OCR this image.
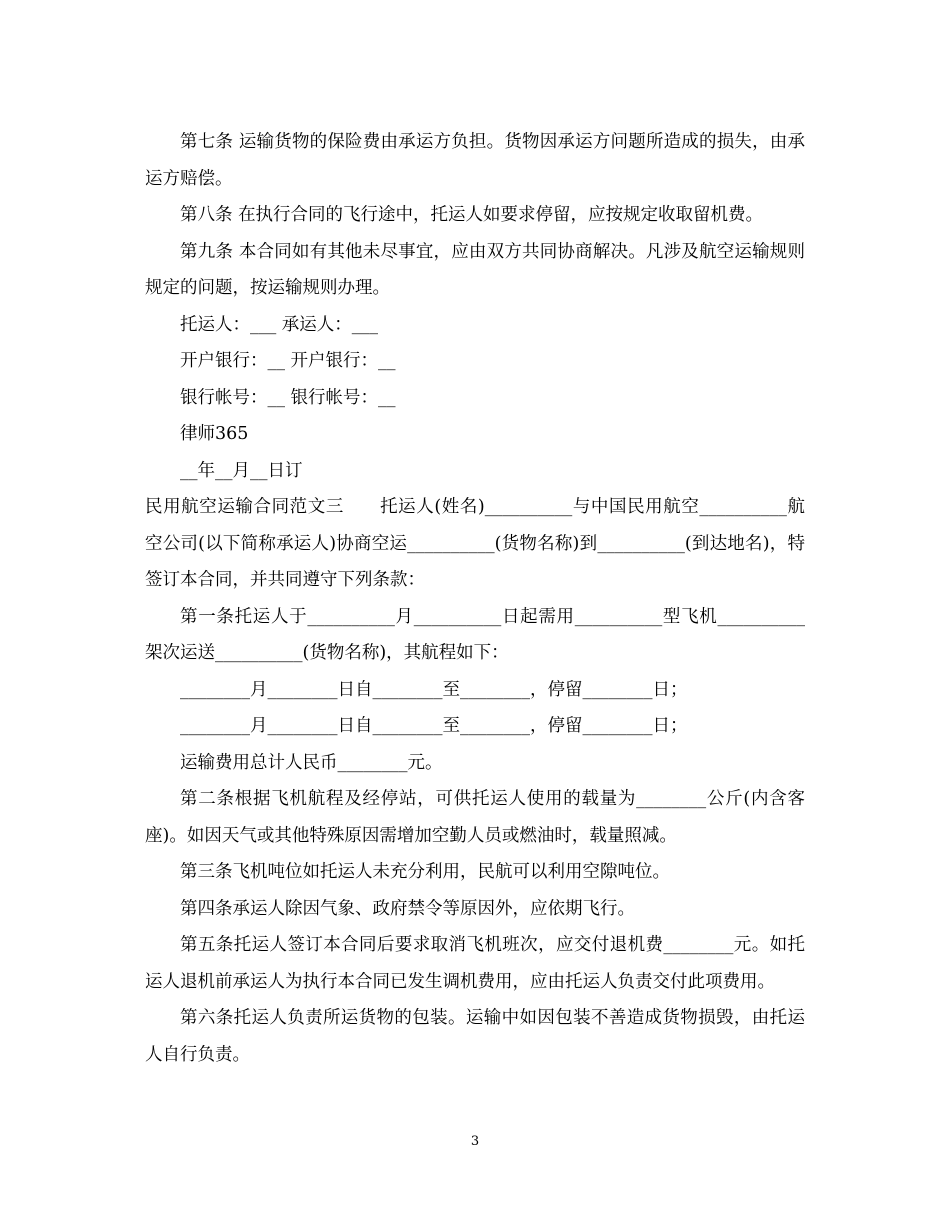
第七条 运输货物的保险费由承运方负担。货物因承运方问题所造成的损失，由承运方赔偿。

第八条 在执行合同的飞行途中，托运人如要求停留，应按规定收取留机费。

第九条 本合同如有其他未尽事宜，应由双方共同协商解决。凡涉及航空运输规则规定的问题，按运输规则办理。

托运人：___ 承运人：___

开户银行：__ 开户银行：__

银行帐号：__ 银行帐号：__

律师365

__年__月__日订

民用航空运输合同范文三　　托运人(姓名)__________与中国民用航空__________航空公司(以下简称承运人)协商空运__________(货物名称)到__________(到达地名)，特签订本合同，并共同遵守下列条款：

第一条托运人于__________月__________日起需用__________型飞机__________架次运送__________(货物名称)，其航程如下：

________月________日自________至________，停留________日；

________月________日自________至________，停留________日；

运输费用总计人民币________元。

第二条根据飞机航程及经停站，可供托运人使用的载量为________公斤(内含客座)。如因天气或其他特殊原因需增加空勤人员或燃油时，载量照减。

第三条飞机吨位如托运人未充分利用，民航可以利用空隙吨位。

第四条承运人除因气象、政府禁令等原因外，应依期飞行。

第五条托运人签订本合同后要求取消飞机班次，应交付退机费________元。如托运人退机前承运人为执行本合同已发生调机费用，应由托运人负责交付此项费用。

第六条托运人负责所运货物的包装。运输中如因包装不善造成货物损毁，由托运人自行负责。

3
